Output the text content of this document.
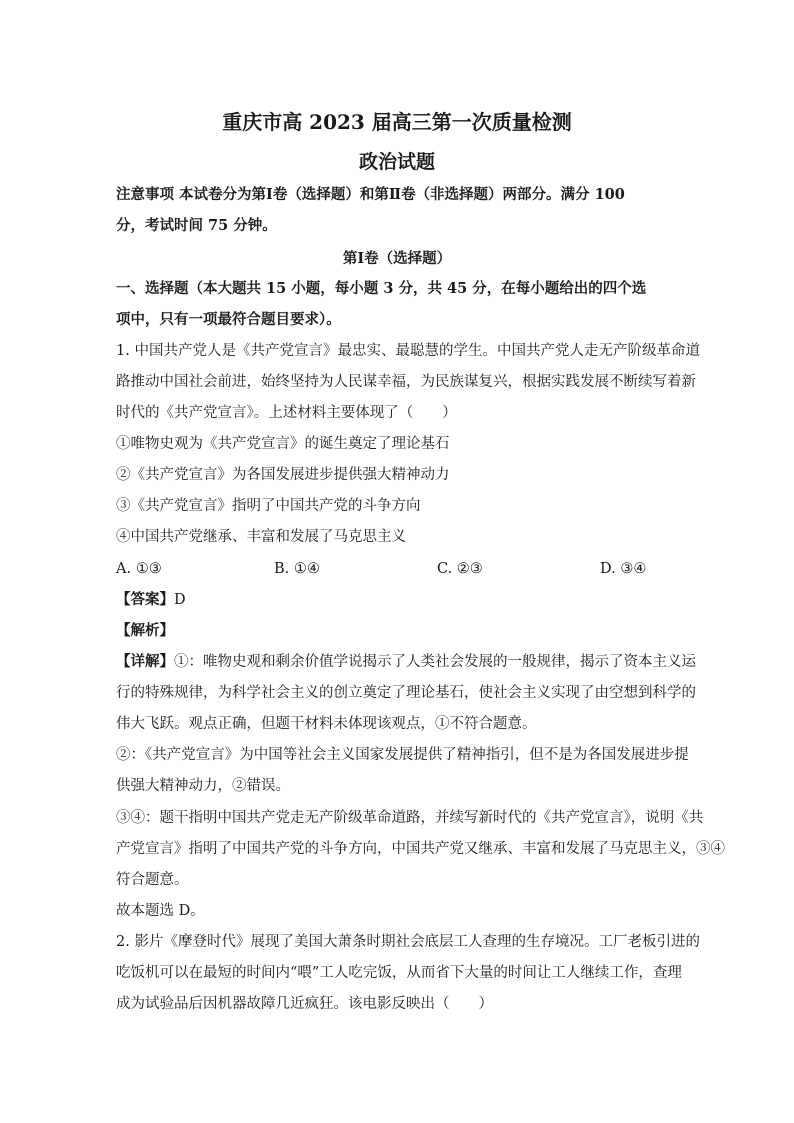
重庆市高 2023 届高三第一次质量检测
政治试题
注意事项 本试卷分为第Ⅰ卷（选择题）和第Ⅱ卷（非选择题）两部分。满分 100
分，考试时间 75 分钟。
第Ⅰ卷（选择题）
一、选择题（本大题共 15 小题，每小题 3 分，共 45 分，在每小题给出的四个选
项中，只有一项最符合题目要求）。
1. 中国共产党人是《共产党宣言》最忠实、最聪慧的学生。中国共产党人走无产阶级革命道
路推动中国社会前进，始终坚持为人民谋幸福，为民族谋复兴，根据实践发展不断续写着新
时代的《共产党宣言》。上述材料主要体现了（　　）
①唯物史观为《共产党宣言》的诞生奠定了理论基石
②《共产党宣言》为各国发展进步提供强大精神动力
③《共产党宣言》指明了中国共产党的斗争方向
④中国共产党继承、丰富和发展了马克思主义
A. ①③	B. ①④	C. ②③	D. ③④
【答案】D
【解析】
【详解】①：唯物史观和剩余价值学说揭示了人类社会发展的一般规律，揭示了资本主义运
行的特殊规律，为科学社会主义的创立奠定了理论基石，使社会主义实现了由空想到科学的
伟大飞跃。观点正确，但题干材料未体现该观点，①不符合题意。
②：《共产党宣言》为中国等社会主义国家发展提供了精神指引，但不是为各国发展进步提
供强大精神动力，②错误。
③④：题干指明中国共产党走无产阶级革命道路，并续写新时代的《共产党宣言》，说明《共
产党宣言》指明了中国共产党的斗争方向，中国共产党又继承、丰富和发展了马克思主义，③④
符合题意。
故本题选 D。
2. 影片《摩登时代》展现了美国大萧条时期社会底层工人查理的生存境况。工厂老板引进的
吃饭机可以在最短的时间内“喂”工人吃完饭，从而省下大量的时间让工人继续工作，查理
成为试验品后因机器故障几近疯狂。该电影反映出（　　）
